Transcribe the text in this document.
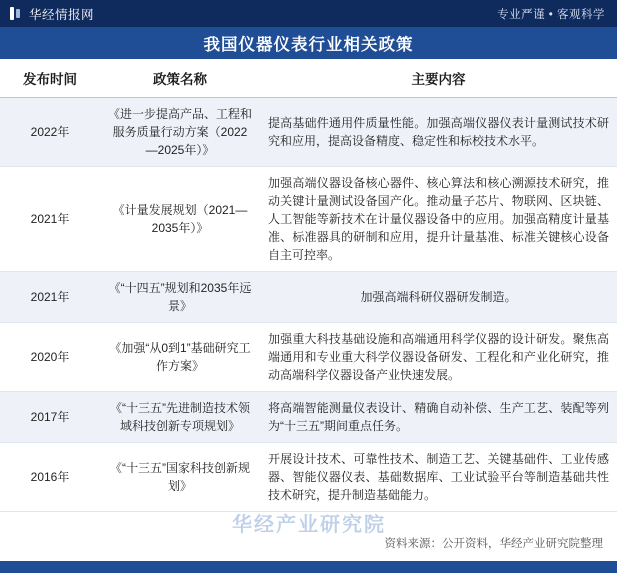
华经情报网	专业严谨 • 客观科学
我国仪器仪表行业相关政策
发布时间	政策名称	主要内容
2022年	《进一步提高产品、工程和服务质量行动方案（2022—2025年）》	提高基础件通用件质量性能。加强高端仪器仪表计量测试技术研究和应用，提高设备精度、稳定性和标校技术水平。
2021年	《计量发展规划（2021—2035年）》	加强高端仪器设备核心器件、核心算法和核心溯源技术研究，推动关键计量测试设备国产化。推动量子芯片、物联网、区块链、人工智能等新技术在计量仪器设备中的应用。加强高精度计量基准、标准器具的研制和应用，提升计量基准、标准关键核心设备自主可控率。
2021年	《“十四五”规划和2035年远景》	加强高端科研仪器研发制造。
2020年	《加强“从0到1”基础研究工作方案》	加强重大科技基础设施和高端通用科学仪器的设计研发。聚焦高端通用和专业重大科学仪器设备研发、工程化和产业化研究，推动高端科学仪器设备产业快速发展。
2017年	《“十三五”先进制造技术领域科技创新专项规划》	将高端智能测量仪表设计、精确自动补偿、生产工艺、装配等列为“十三五”期间重点任务。
2016年	《“十三五”国家科技创新规划》	开展设计技术、可靠性技术、制造工艺、关键基础件、工业传感器、智能仪器仪表、基础数据库、工业试验平台等制造基础共性技术研究，提升制造基础能力。
华经产业研究院
资料来源：公开资料，华经产业研究院整理
